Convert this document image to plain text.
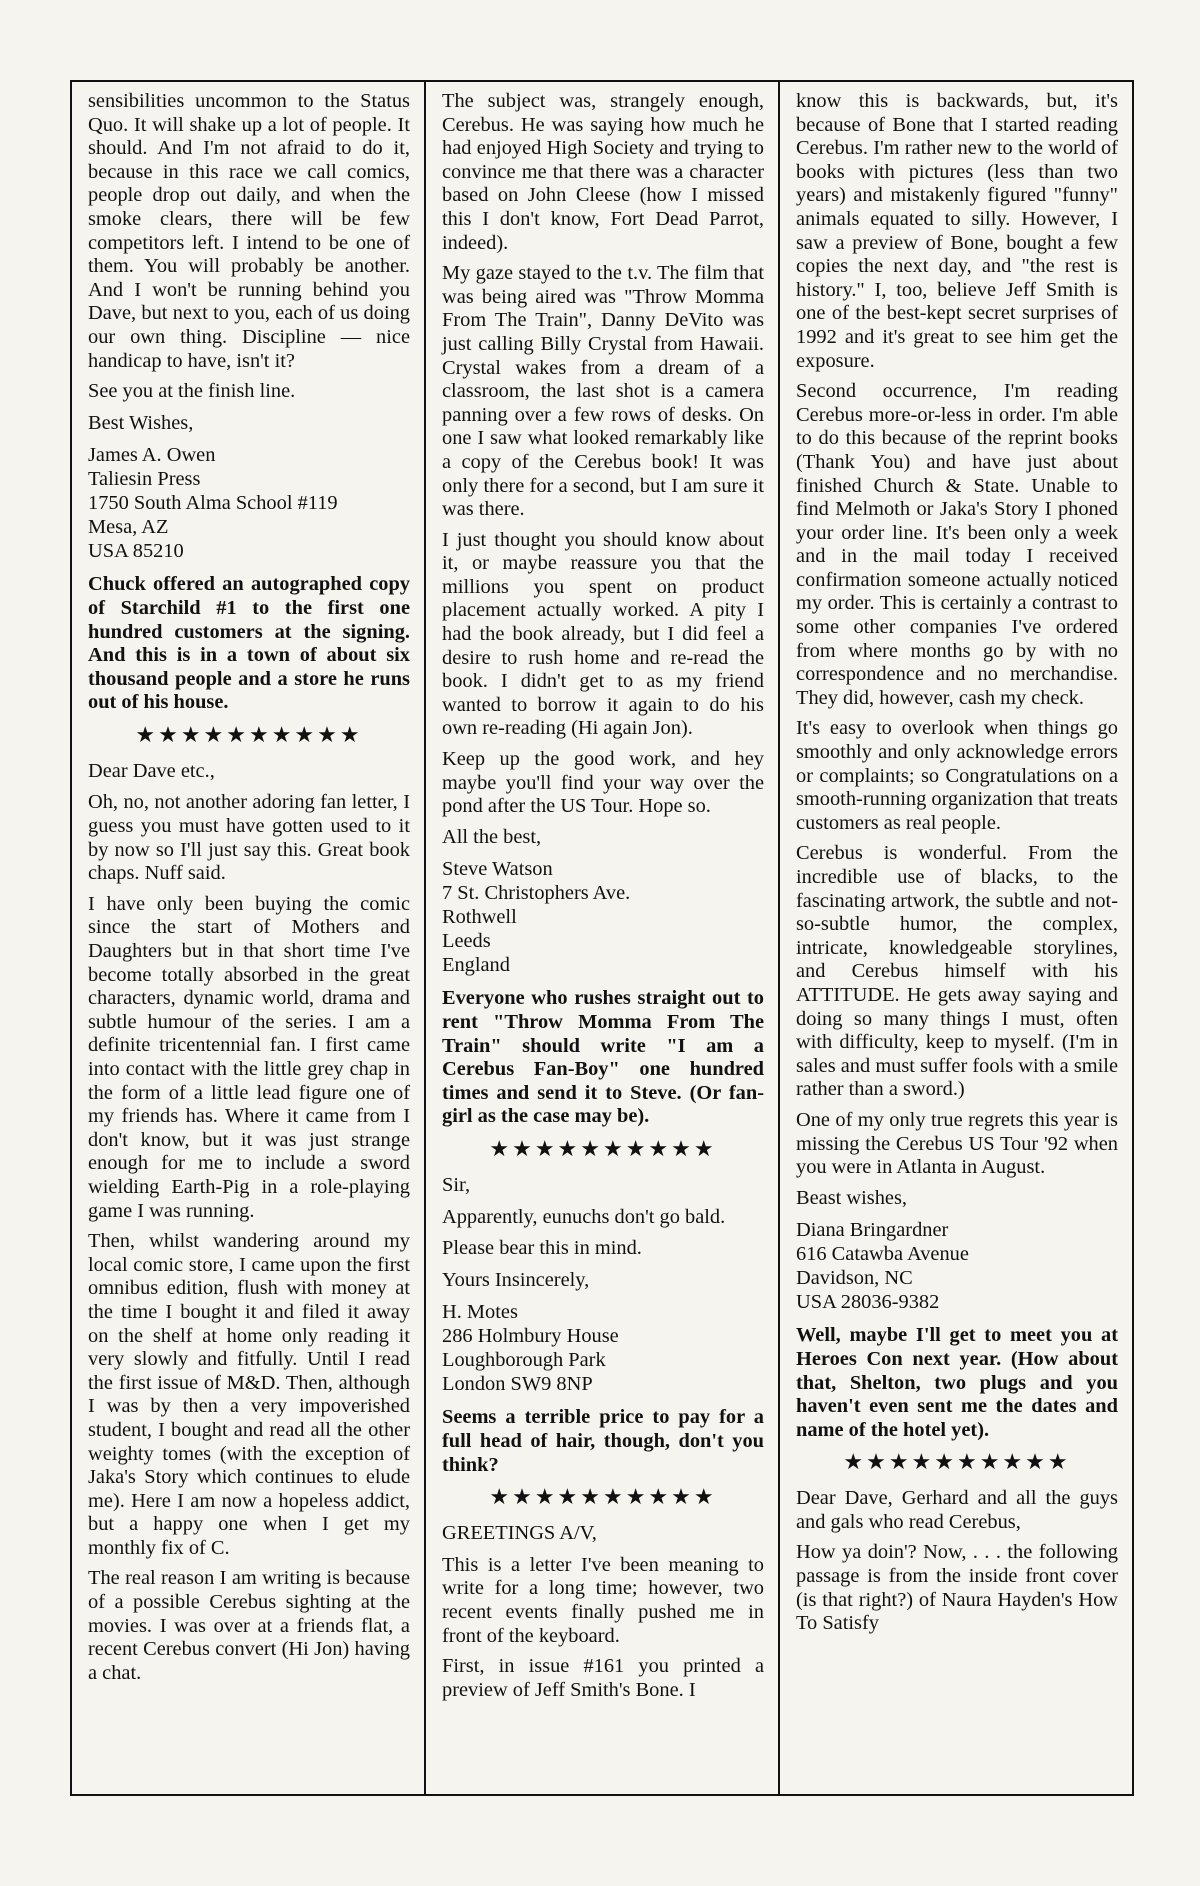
sensibilities uncommon to the Status Quo. It will shake up a lot of people. It should. And I'm not afraid to do it, because in this race we call comics, people drop out daily, and when the smoke clears, there will be few competitors left. I intend to be one of them. You will probably be another. And I won't be running behind you Dave, but next to you, each of us doing our own thing. Discipline — nice handicap to have, isn't it?

See you at the finish line.

Best Wishes,

James A. Owen

Taliesin Press

1750 South Alma School #119

Mesa, AZ

USA 85210

Chuck offered an autographed copy of Starchild #1 to the first one hundred customers at the signing. And this is in a town of about six thousand people and a store he runs out of his house.

★★★★★★★★★★

Dear Dave etc.,

Oh, no, not another adoring fan letter, I guess you must have gotten used to it by now so I'll just say this. Great book chaps. Nuff said.

I have only been buying the comic since the start of Mothers and Daughters but in that short time I've become totally absorbed in the great characters, dynamic world, drama and subtle humour of the series. I am a definite tricentennial fan. I first came into contact with the little grey chap in the form of a little lead figure one of my friends has. Where it came from I don't know, but it was just strange enough for me to include a sword wielding Earth-Pig in a role-playing game I was running.

Then, whilst wandering around my local comic store, I came upon the first omnibus edition, flush with money at the time I bought it and filed it away on the shelf at home only reading it very slowly and fitfully. Until I read the first issue of M&D. Then, although I was by then a very impoverished student, I bought and read all the other weighty tomes (with the exception of Jaka's Story which continues to elude me). Here I am now a hopeless addict, but a happy one when I get my monthly fix of C.

The real reason I am writing is because of a possible Cerebus sighting at the movies. I was over at a friends flat, a recent Cerebus convert (Hi Jon) having a chat.

The subject was, strangely enough, Cerebus. He was saying how much he had enjoyed High Society and trying to convince me that there was a character based on John Cleese (how I missed this I don't know, Fort Dead Parrot, indeed).

My gaze stayed to the t.v. The film that was being aired was "Throw Momma From The Train", Danny DeVito was just calling Billy Crystal from Hawaii. Crystal wakes from a dream of a classroom, the last shot is a camera panning over a few rows of desks. On one I saw what looked remarkably like a copy of the Cerebus book! It was only there for a second, but I am sure it was there.

I just thought you should know about it, or maybe reassure you that the millions you spent on product placement actually worked. A pity I had the book already, but I did feel a desire to rush home and re-read the book. I didn't get to as my friend wanted to borrow it again to do his own re-reading (Hi again Jon).

Keep up the good work, and hey maybe you'll find your way over the pond after the US Tour. Hope so.

All the best,

Steve Watson

7 St. Christophers Ave.

Rothwell

Leeds

England

Everyone who rushes straight out to rent "Throw Momma From The Train" should write "I am a Cerebus Fan-Boy" one hundred times and send it to Steve. (Or fan-girl as the case may be).

★★★★★★★★★★

Sir,

Apparently, eunuchs don't go bald.

Please bear this in mind.

Yours Insincerely,

H. Motes

286 Holmbury House

Loughborough Park

London SW9 8NP

Seems a terrible price to pay for a full head of hair, though, don't you think?

★★★★★★★★★★

GREETINGS A/V,

This is a letter I've been meaning to write for a long time; however, two recent events finally pushed me in front of the keyboard.

First, in issue #161 you printed a preview of Jeff Smith's Bone. I

know this is backwards, but, it's because of Bone that I started reading Cerebus. I'm rather new to the world of books with pictures (less than two years) and mistakenly figured "funny" animals equated to silly. However, I saw a preview of Bone, bought a few copies the next day, and "the rest is history." I, too, believe Jeff Smith is one of the best-kept secret surprises of 1992 and it's great to see him get the exposure.

Second occurrence, I'm reading Cerebus more-or-less in order. I'm able to do this because of the reprint books (Thank You) and have just about finished Church & State. Unable to find Melmoth or Jaka's Story I phoned your order line. It's been only a week and in the mail today I received confirmation someone actually noticed my order. This is certainly a contrast to some other companies I've ordered from where months go by with no correspondence and no merchandise. They did, however, cash my check.

It's easy to overlook when things go smoothly and only acknowledge errors or complaints; so Congratulations on a smooth-running organization that treats customers as real people.

Cerebus is wonderful. From the incredible use of blacks, to the fascinating artwork, the subtle and not-so-subtle humor, the complex, intricate, knowledgeable storylines, and Cerebus himself with his ATTITUDE. He gets away saying and doing so many things I must, often with difficulty, keep to myself. (I'm in sales and must suffer fools with a smile rather than a sword.)

One of my only true regrets this year is missing the Cerebus US Tour '92 when you were in Atlanta in August.

Beast wishes,

Diana Bringardner

616 Catawba Avenue

Davidson, NC

USA 28036-9382

Well, maybe I'll get to meet you at Heroes Con next year. (How about that, Shelton, two plugs and you haven't even sent me the dates and name of the hotel yet).

★★★★★★★★★★

Dear Dave, Gerhard and all the guys and gals who read Cerebus,

How ya doin'? Now, . . . the following passage is from the inside front cover (is that right?) of Naura Hayden's How To Satisfy
